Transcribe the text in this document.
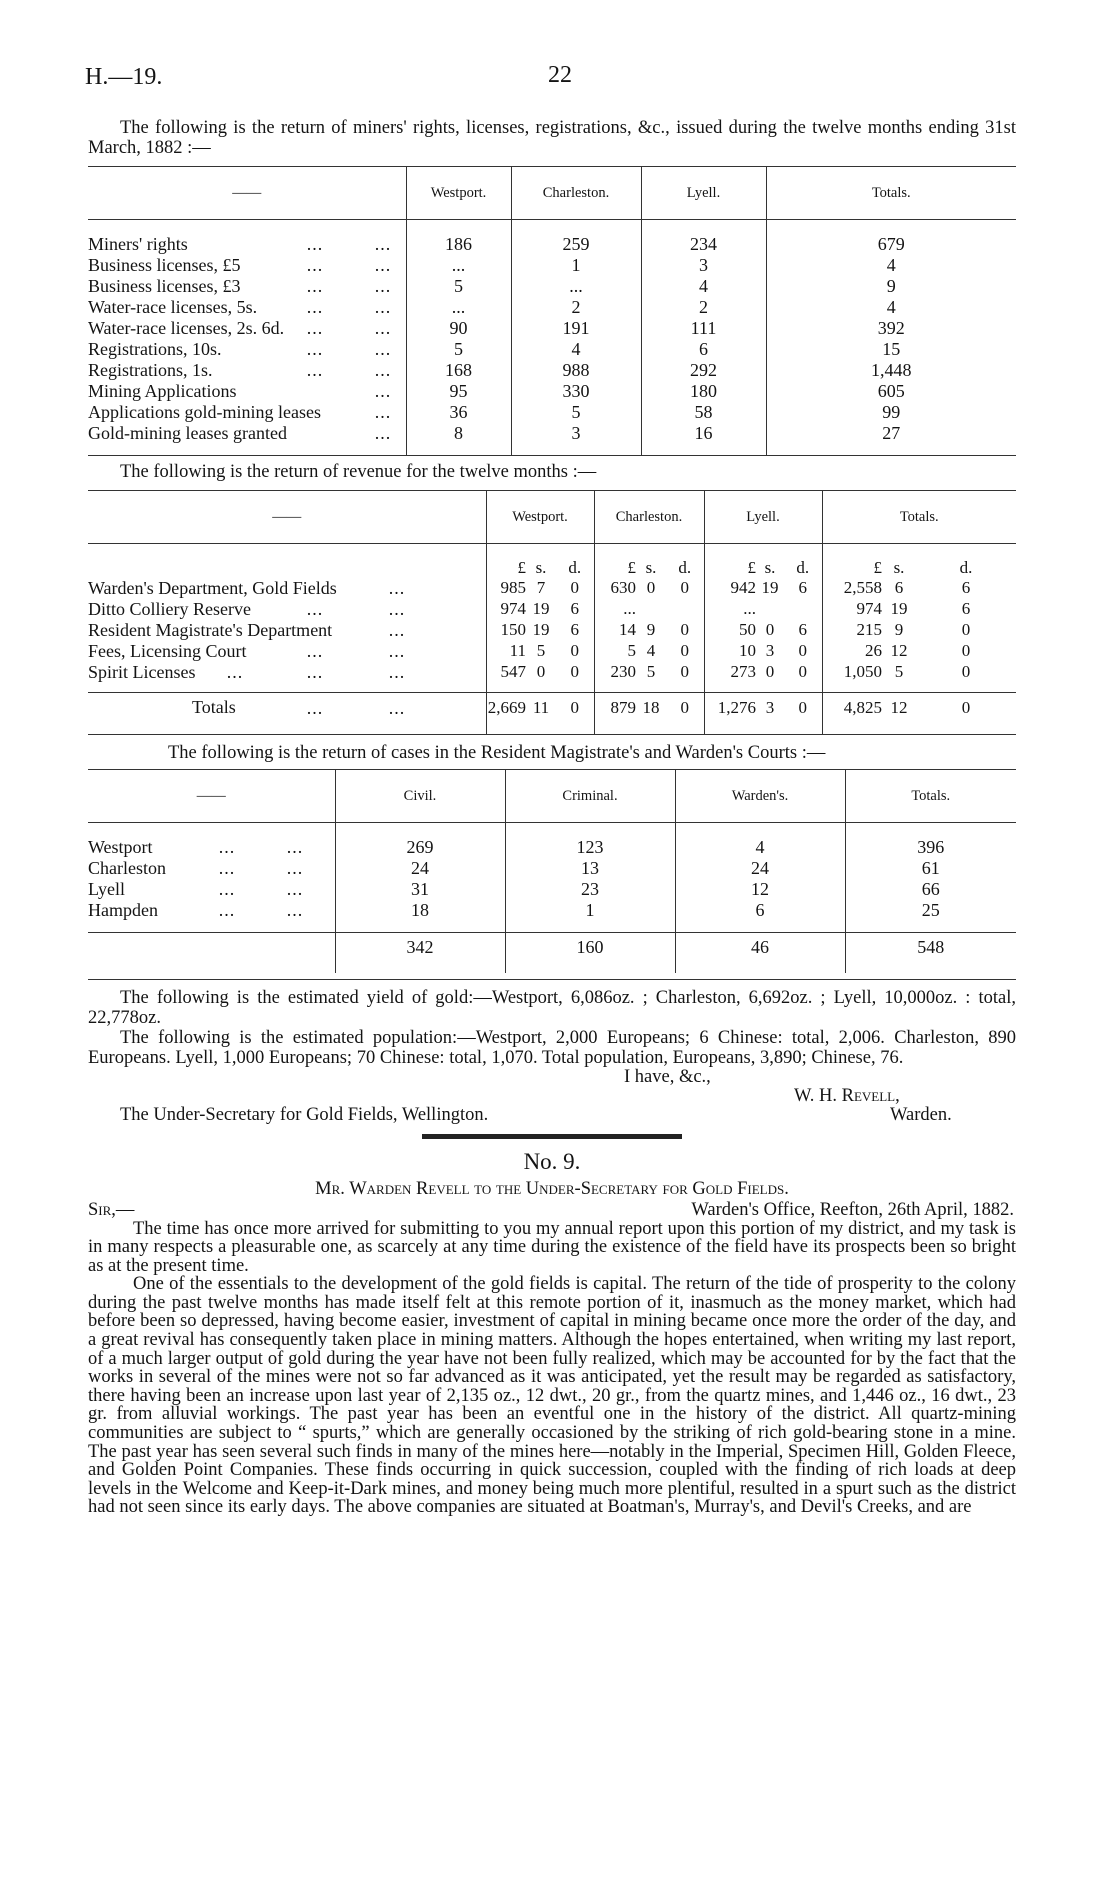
H.—19.	22

The following is the return of miners' rights, licenses, registrations, &c., issued during the twelve months ending 31st March, 1882 :—

——	Westport.	Charleston.	Lyell.	Totals.

Miners' rights ... ...	186	259	234	679
Business licenses, £5 ... ...	...	1	3	4
Business licenses, £3 ... ...	5	...	4	9
Water-race licenses, 5s. ... ...	...	2	2	4
Water-race licenses, 2s. 6d. ... ...	90	191	111	392
Registrations, 10s. ... ...	5	4	6	15
Registrations, 1s. ... ...	168	988	292	1,448
Mining Applications ...	95	330	180	605
Applications gold-mining leases ...	36	5	58	99
Gold-mining leases granted ...	8	3	16	27

The following is the return of revenue for the twelve months :—

——	Westport.			Charleston.			Lyell.			Totals.		

	£	s.	d.	£	s.	d.	£	s.	d.	£	s.	d.
Warden's Department, Gold Fields ...	985	7	0	630	0	0	942	19	6	2,558	6	6
Ditto Colliery Reserve ... ...	974	19	6	...			...			974	19	6
Resident Magistrate's Department ...	150	19	6	14	9	0	50	0	6	215	9	0
Fees, Licensing Court ... ...	11	5	0	5	4	0	10	3	0	26	12	0
Spirit Licenses ... ... ...	547	0	0	230	5	0	273	0	0	1,050	5	0

Totals ... ...	2,669	11	0	879	18	0	1,276	3	0	4,825	12	0

The following is the return of cases in the Resident Magistrate's and Warden's Courts :—

——	Civil.	Criminal.	Warden's.	Totals.

Westport ... ...	269	123	4	396
Charleston ... ...	24	13	24	61
Lyell ... ...	31	23	12	66
Hampden ... ...	18	1	6	25

	342	160	46	548

The following is the estimated yield of gold:—Westport, 6,086oz. ; Charleston, 6,692oz. ; Lyell, 10,000oz. : total, 22,778oz.

The following is the estimated population:—Westport, 2,000 Europeans; 6 Chinese: total, 2,006. Charleston, 890 Europeans. Lyell, 1,000 Europeans; 70 Chinese: total, 1,070. Total population, Europeans, 3,890; Chinese, 76.

I have, &c.,
W. H. Revell,
The Under-Secretary for Gold Fields, Wellington.	Warden.
No. 9.
Mr. Warden Revell to the Under-Secretary for Gold Fields.
Sir,—	Warden's Office, Reefton, 26th April, 1882.

The time has once more arrived for submitting to you my annual report upon this portion of my district, and my task is in many respects a pleasurable one, as scarcely at any time during the existence of the field have its prospects been so bright as at the present time.

One of the essentials to the development of the gold fields is capital. The return of the tide of prosperity to the colony during the past twelve months has made itself felt at this remote portion of it, inasmuch as the money market, which had before been so depressed, having become easier, investment of capital in mining became once more the order of the day, and a great revival has consequently taken place in mining matters. Although the hopes entertained, when writing my last report, of a much larger output of gold during the year have not been fully realized, which may be accounted for by the fact that the works in several of the mines were not so far advanced as it was anticipated, yet the result may be regarded as satisfactory, there having been an increase upon last year of 2,135 oz., 12 dwt., 20 gr., from the quartz mines, and 1,446 oz., 16 dwt., 23 gr. from alluvial workings. The past year has been an eventful one in the history of the district. All quartz-mining communities are subject to “ spurts,” which are generally occasioned by the striking of rich gold-bearing stone in a mine. The past year has seen several such finds in many of the mines here—notably in the Imperial, Specimen Hill, Golden Fleece, and Golden Point Companies. These finds occurring in quick succession, coupled with the finding of rich loads at deep levels in the Welcome and Keep-it-Dark mines, and money being much more plentiful, resulted in a spurt such as the district had not seen since its early days. The above companies are situated at Boatman's, Murray's, and Devil's Creeks, and are
